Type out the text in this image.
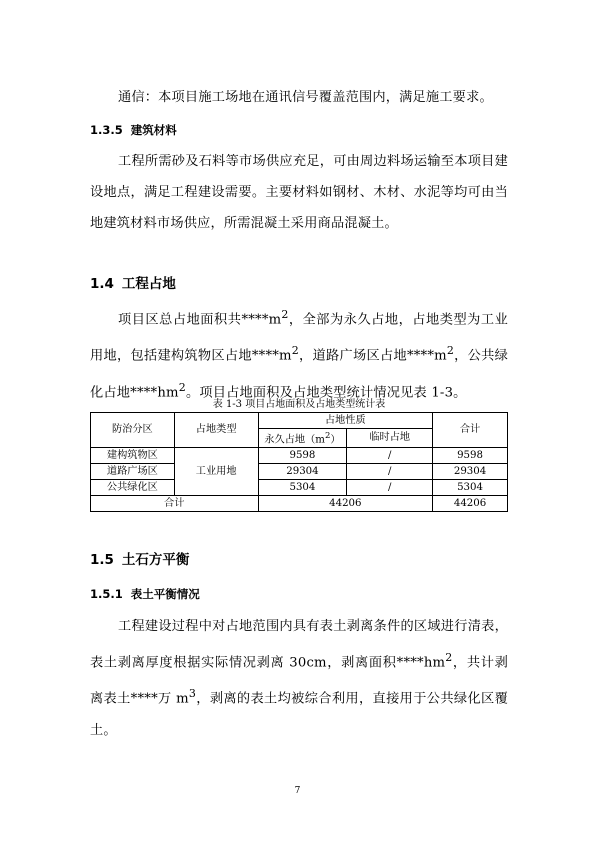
通信：本项目施工场地在通讯信号覆盖范围内，满足施工要求。

1.3.5 建筑材料

工程所需砂及石料等市场供应充足，可由周边料场运输至本项目建设地点，满足工程建设需要。主要材料如钢材、木材、水泥等均可由当地建筑材料市场供应，所需混凝土采用商品混凝土。

1.4 工程占地

项目区总占地面积共$****m^2$，全部为永久占地，占地类型为工业用地，包括建构筑物区占地$****m^2$，道路广场区占地$****m^2$，公共绿化占地$****hm^2$。项目占地面积及占地类型统计情况见表 1-3。

表 1-3 项目占地面积及占地类型统计表

防治分区	占地类型	占地性质		合计
		永久占地$(m^2)$	临时占地	
建构筑物区	工业用地	9598	/	9598
道路广场区		29304	/	29304
公共绿化区		5304	/	5304
合计		44206		44206
1.5 土石方平衡
1.5.1 表土平衡情况

工程建设过程中对占地范围内具有表土剥离条件的区域进行清表，表土剥离厚度根据实际情况剥离 30cm，剥离面积$****hm^2$，共计剥离表土****万 $m^3$，剥离的表土均被综合利用，直接用于公共绿化区覆土。

7
